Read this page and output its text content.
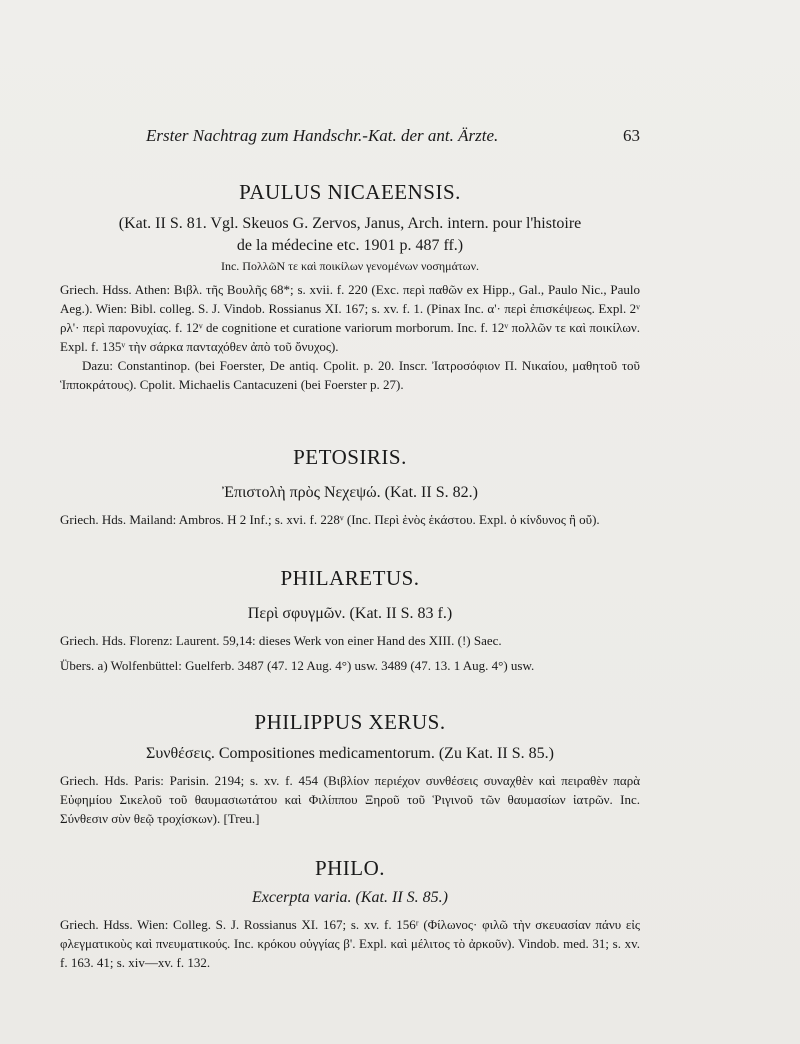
Erster Nachtrag zum Handschr.-Kat. der ant. Ärzte.	63
PAULUS NICAEENSIS.
(Kat. II S. 81. Vgl. Skeuos G. Zervos, Janus, Arch. intern. pour l'histoire
de la médecine etc. 1901 p. 487 ff.)
Inc. ΠολλῶΝ τε καὶ ποικίλων γενομένων νοσημάτων.

Griech. Hdss. Athen: Βιβλ. τῆς Βουλῆς 68*; s. xvii. f. 220 (Exc. περὶ παθῶν ex Hipp., Gal., Paulo Nic., Paulo Aeg.). Wien: Bibl. colleg. S. J. Vindob. Rossianus XI. 167; s. xv. f. 1. (Pinax Inc. α'· περὶ ἐπισκέψεως. Expl. 2ᵛ ρλ'· περὶ παρονυχίας. f. 12ᵛ de cognitione et curatione variorum morborum. Inc. f. 12ᵛ πολλῶν τε καὶ ποικίλων. Expl. f. 135ᵛ τὴν σάρκα πανταχόθεν ἀπὸ τοῦ ὄνυχος).

Dazu: Constantinop. (bei Foerster, De antiq. Cpolit. p. 20. Inscr. Ἰατροσόφιον Π. Νικαίου, μαθητοῦ τοῦ Ἱπποκράτους). Cpolit. Michaelis Cantacuzeni (bei Foerster p. 27).

PETOSIRIS.
Ἐπιστολὴ πρὸς Νεχεψώ. (Kat. II S. 82.)

Griech. Hds. Mailand: Ambros. H 2 Inf.; s. xvi. f. 228ᵛ (Inc. Περὶ ἑνὸς ἑκάστου. Expl. ὁ κίνδυνος ἢ οὔ).

PHILARETUS.
Περὶ σφυγμῶν. (Kat. II S. 83 f.)

Griech. Hds. Florenz: Laurent. 59,14: dieses Werk von einer Hand des XIII. (!) Saec.

Übers. a) Wolfenbüttel: Guelferb. 3487 (47. 12 Aug. 4°) usw. 3489 (47. 13. 1 Aug. 4°) usw.

PHILIPPUS XERUS.
Συνθέσεις. Compositiones medicamentorum. (Zu Kat. II S. 85.)

Griech. Hds. Paris: Parisin. 2194; s. xv. f. 454 (Βιβλίον περιέχον συνθέσεις συναχθὲν καὶ πειραθὲν παρὰ Εὐφημίου Σικελοῦ τοῦ θαυμασιωτάτου καὶ Φιλίππου Ξηροῦ τοῦ Ῥιγινοῦ τῶν θαυμασίων ἰατρῶν. Inc. Σύνθεσιν σὺν θεῷ τροχίσκων). [Treu.]

PHILO.
Excerpta varia. (Kat. II S. 85.)

Griech. Hdss. Wien: Colleg. S. J. Rossianus XI. 167; s. xv. f. 156ʳ (Φίλωνος· φιλῶ τὴν σκευασίαν πάνυ εἰς φλεγματικοὺς καὶ πνευματικούς. Inc. κρόκου οὐγγίας β'. Expl. καὶ μέλιτος τὸ ἀρκοῦν). Vindob. med. 31; s. xv. f. 163. 41; s. xiv—xv. f. 132.
